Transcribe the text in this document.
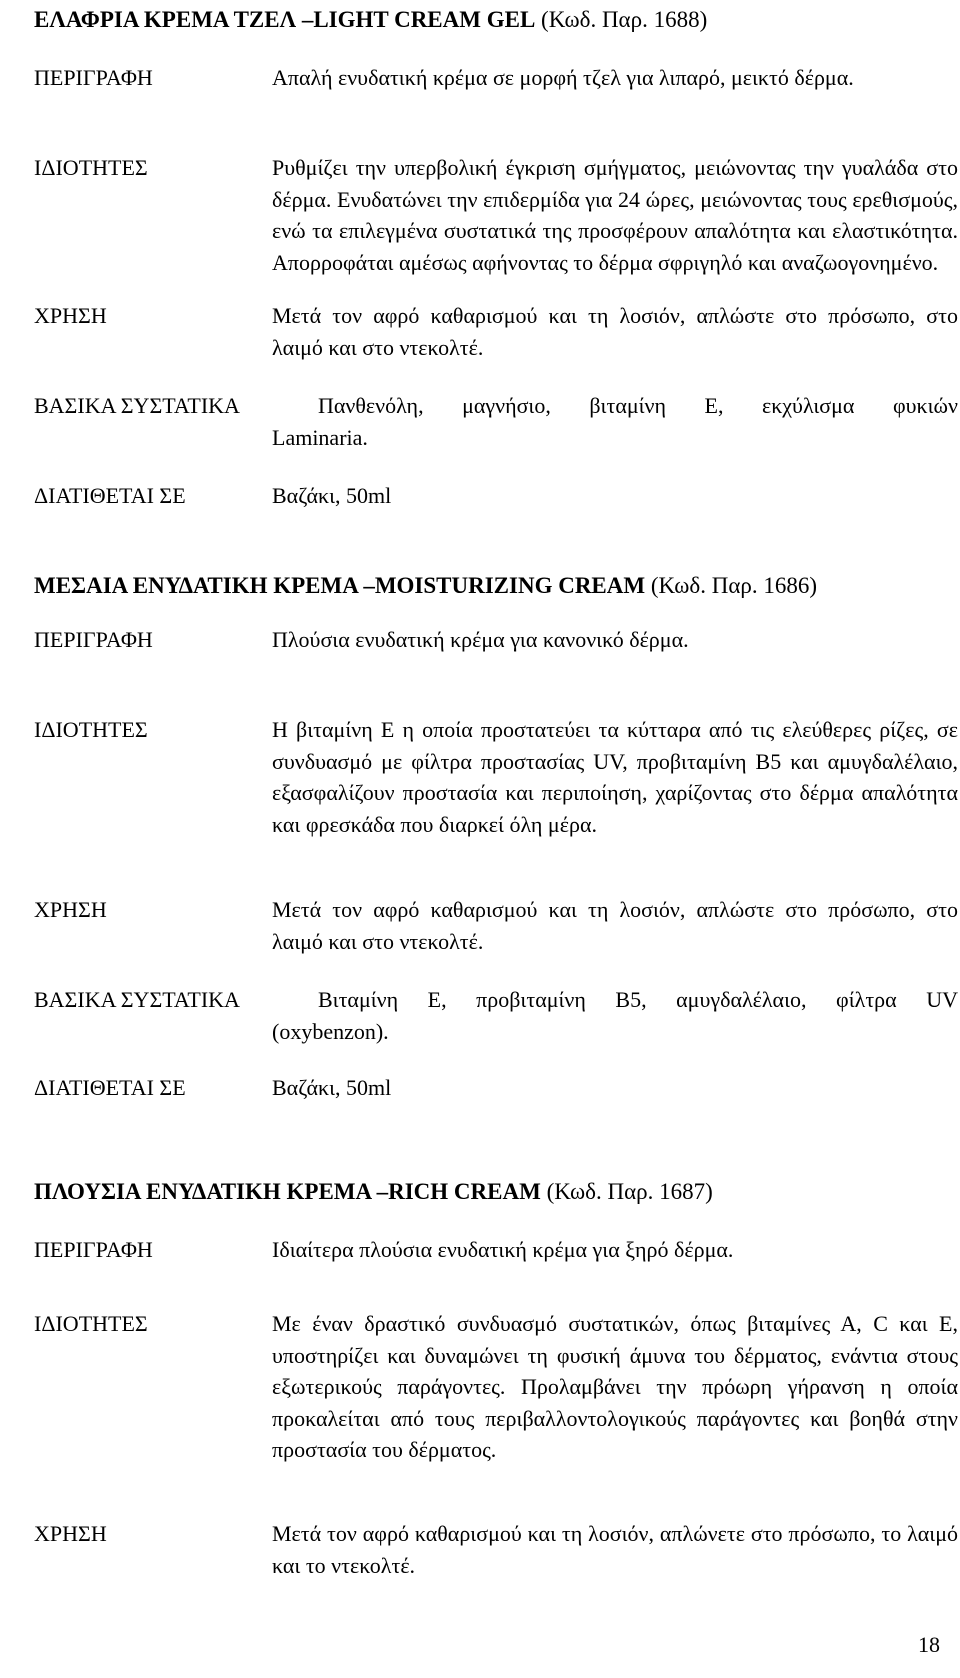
ΕΛΑΦΡΙΑ ΚΡΕΜΑ ΤΖΕΛ –LIGHT CREAM GEL (Κωδ. Παρ. 1688)
ΠΕΡΙΓΡΑΦΗ	Απαλή ενυδατική κρέμα σε μορφή τζελ για λιπαρό, μεικτό δέρμα.
ΙΔΙΟΤΗΤΕΣ	Ρυθμίζει την υπερβολική έγκριση σμήγματος, μειώνοντας την γυαλάδα στο δέρμα. Ενυδατώνει την επιδερμίδα για 24 ώρες, μειώνοντας τους ερεθισμούς, ενώ τα επιλεγμένα συστατικά της προσφέρουν απαλότητα και ελαστικότητα. Απορροφάται αμέσως αφήνοντας το δέρμα σφριγηλό και αναζωογονημένο.
ΧΡΗΣΗ	Μετά τον αφρό καθαρισμού και τη λοσιόν, απλώστε στο πρόσωπο, στο λαιμό και στο ντεκολτέ.
ΒΑΣΙΚΑ ΣΥΣΤΑΤΙΚΑ	Πανθενόλη, μαγνήσιο, βιταμίνη Ε, εκχύλισμα φυκιών
Laminaria.
ΔΙΑΤΙΘΕΤΑΙ ΣΕ	Βαζάκι, 50ml
ΜΕΣΑΙΑ ΕΝΥΔΑΤΙΚΗ ΚΡΕΜΑ –MOISTURIZING CREAM (Κωδ. Παρ. 1686)
ΠΕΡΙΓΡΑΦΗ	Πλούσια ενυδατική κρέμα για κανονικό δέρμα.
ΙΔΙΟΤΗΤΕΣ	Η βιταμίνη Ε η οποία προστατεύει τα κύτταρα από τις ελεύθερες ρίζες, σε συνδυασμό με φίλτρα προστασίας UV, προβιταμίνη Β5 και αμυγδαλέλαιο, εξασφαλίζουν προστασία και περιποίηση, χαρίζοντας στο δέρμα απαλότητα και φρεσκάδα που διαρκεί όλη μέρα.
ΧΡΗΣΗ	Μετά τον αφρό καθαρισμού και τη λοσιόν, απλώστε στο πρόσωπο, στο λαιμό και στο ντεκολτέ.
ΒΑΣΙΚΑ ΣΥΣΤΑΤΙΚΑ	Βιταμίνη Ε, προβιταμίνη Β5, αμυγδαλέλαιο, φίλτρα UV
(oxybenzon).
ΔΙΑΤΙΘΕΤΑΙ ΣΕ	Βαζάκι, 50ml
ΠΛΟΥΣΙΑ ΕΝΥΔΑΤΙΚΗ ΚΡΕΜΑ –RICH CREAM (Κωδ. Παρ. 1687)
ΠΕΡΙΓΡΑΦΗ	Ιδιαίτερα πλούσια ενυδατική κρέμα για ξηρό δέρμα.
ΙΔΙΟΤΗΤΕΣ	Με έναν δραστικό συνδυασμό συστατικών, όπως βιταμίνες Α, C και Ε, υποστηρίζει και δυναμώνει τη φυσική άμυνα του δέρματος, ενάντια στους εξωτερικούς παράγοντες. Προλαμβάνει την πρόωρη γήρανση η οποία προκαλείται από τους περιβαλλοντολογικούς παράγοντες και βοηθά στην προστασία του δέρματος.
ΧΡΗΣΗ	Μετά τον αφρό καθαρισμού και τη λοσιόν, απλώνετε στο πρόσωπο, το λαιμό και το ντεκολτέ.
18
